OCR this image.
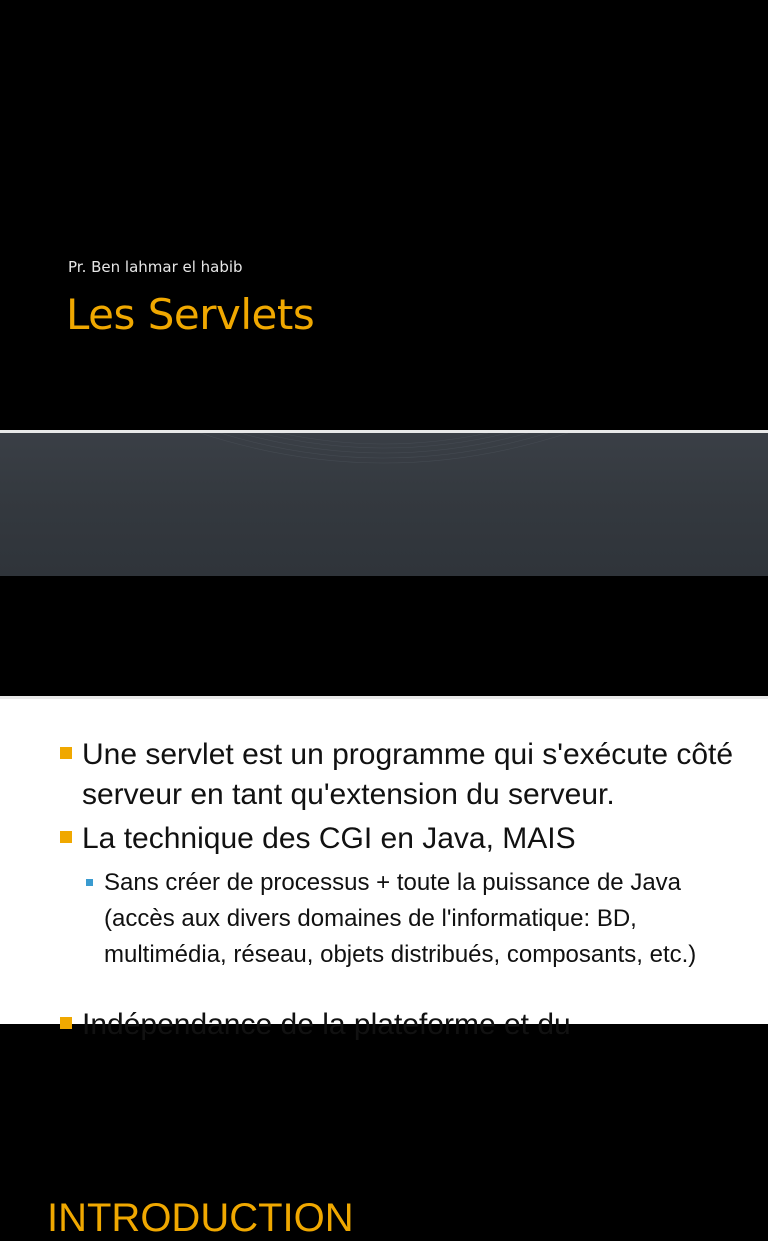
Pr. Ben lahmar el habib
Les Servlets
INTRODUCTION
Une servlet est un programme qui s'exécute côté serveur en tant qu'extension du serveur.
La technique des CGI en Java, MAIS
Sans créer de processus + toute la puissance de Java (accès aux divers domaines de l'informatique: BD, multimédia, réseau, objets distribués, composants, etc.)
Indépendance de la plateforme et du
